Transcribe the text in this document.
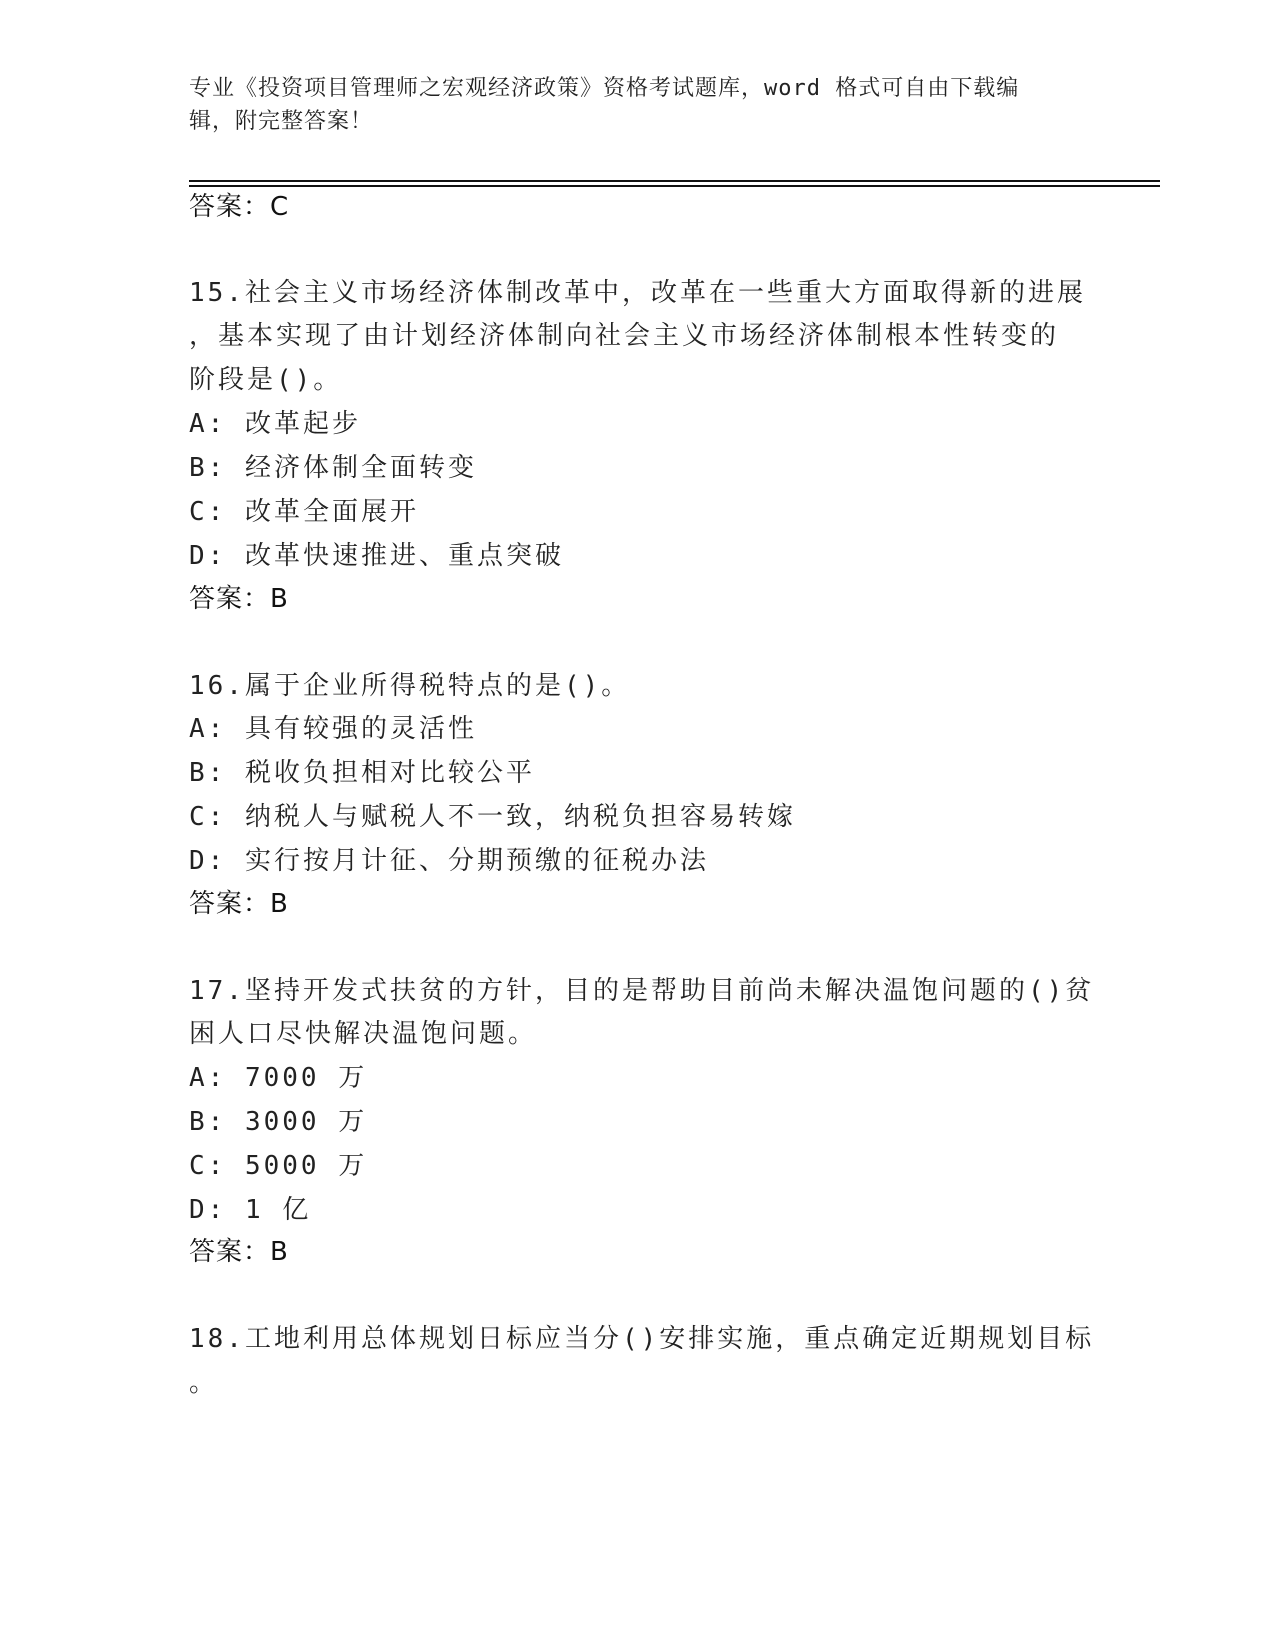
专业《投资项目管理师之宏观经济政策》资格考试题库，word 格式可自由下载编
辑，附完整答案！
答案：C
15.社会主义市场经济体制改革中，改革在一些重大方面取得新的进展
，基本实现了由计划经济体制向社会主义市场经济体制根本性转变的
阶段是()。
A: 改革起步
B: 经济体制全面转变
C: 改革全面展开
D: 改革快速推进、重点突破
答案：B
16.属于企业所得税特点的是()。
A: 具有较强的灵活性
B: 税收负担相对比较公平
C: 纳税人与赋税人不一致，纳税负担容易转嫁
D: 实行按月计征、分期预缴的征税办法
答案：B
17.坚持开发式扶贫的方针，目的是帮助目前尚未解决温饱问题的()贫
困人口尽快解决温饱问题。
A: 7000 万
B: 3000 万
C: 5000 万
D: 1 亿
答案：B
18.工地利用总体规划日标应当分()安排实施，重点确定近期规划目标
。
